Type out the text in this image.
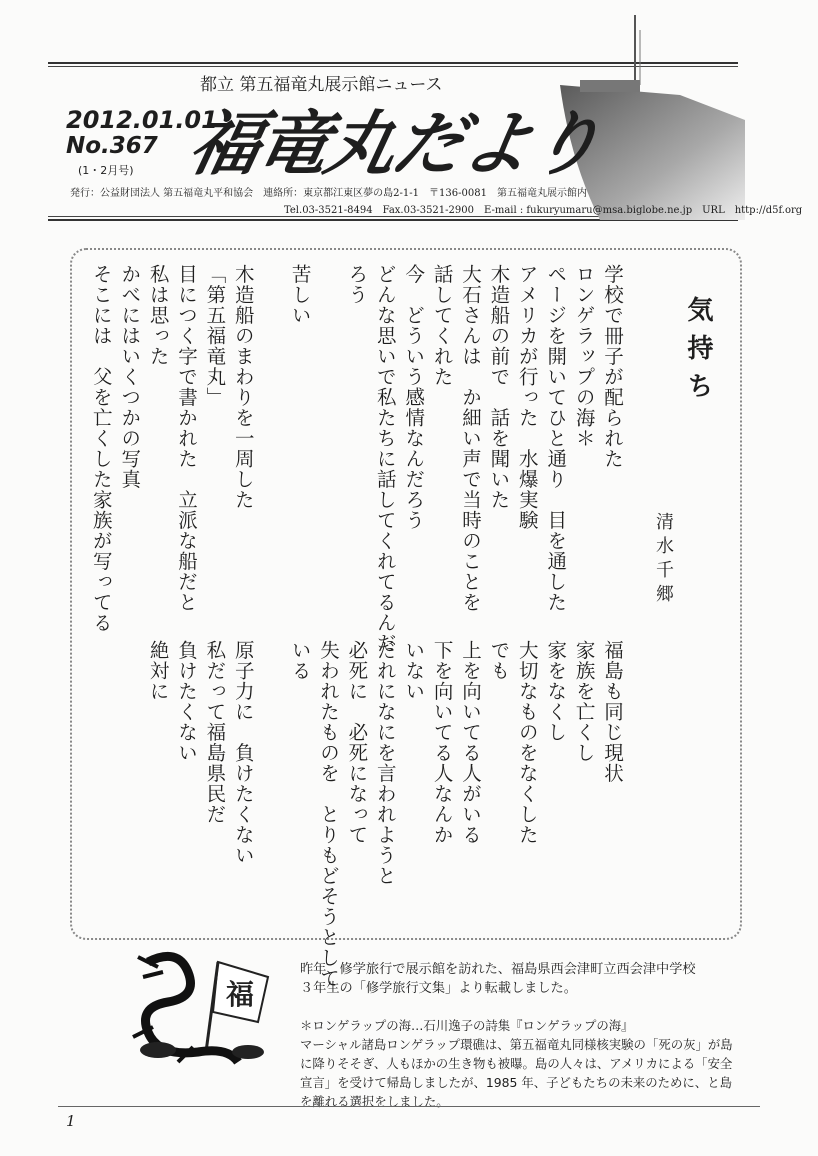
都立 第五福竜丸展示館ニュース
福竜丸だより
2012.01.01
No.367
(1・2月号)
発行：公益財団法人 第五福竜丸平和協会　連絡所：東京都江東区夢の島2-1-1　〒136-0081　第五福竜丸展示館内
Tel.03-3521-8494　Fax.03-3521-2900　E-mail : fukuryumaru@msa.biglobe.ne.jp　URL　http://d5f.org
気持ち
清水千郷
学校で冊子が配られた
ロンゲラップの海＊
ページを開いてひと通り　目を通した
アメリカが行った　水爆実験
木造船の前で　話を聞いた
大石さんは　か細い声で当時のことを
話してくれた
今　どういう感情なんだろう
どんな思いで私たちに話してくれてるんだ
ろう
苦しい
木造船のまわりを一周した
「第五福竜丸」
目につく字で書かれた　立派な船だと
私は思った
かべにはいくつかの写真
そこには　父を亡くした家族が写ってる
福島も同じ現状
家族を亡くし
家をなくし
大切なものをなくした
でも
上を向いてる人がいる
下を向いてる人なんか
いない
だれになにを言われようと
必死に　必死になって
失われたものを　とりもどそうとして
いる
原子力に　負けたくない
私だって福島県民だ
負けたくない
絶対に
福
昨年、修学旅行で展示館を訪れた、福島県西会津町立西会津中学校
３年生の「修学旅行文集」より転載しました。
＊ロンゲラップの海…石川逸子の詩集『ロンゲラップの海』
マーシャル諸島ロンゲラップ環礁は、第五福竜丸同様核実験の「死の灰」が島
に降りそそぎ、人もほかの生き物も被曝。島の人々は、アメリカによる「安全
宣言」を受けて帰島しましたが、1985 年、子どもたちの未来のために、と島
を離れる選択をしました。
1
